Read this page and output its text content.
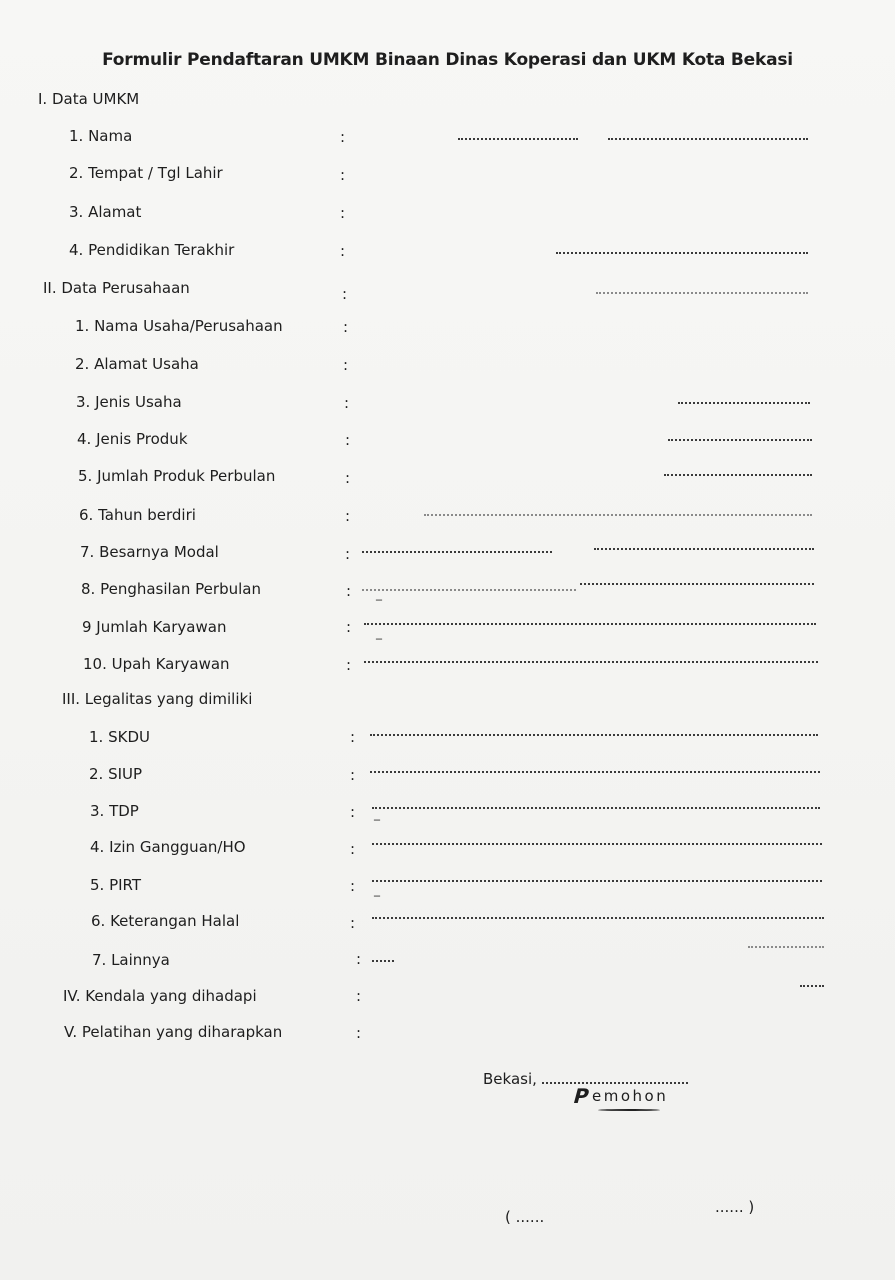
Formulir Pendaftaran UMKM Binaan Dinas Koperasi dan UKM Kota Bekasi
I. Data UMKM
1. Nama	:
2. Tempat / Tgl Lahir	:
3. Alamat	:
4. Pendidikan Terakhir	:
II. Data Perusahaan	:
1. Nama Usaha/Perusahaan	:
2. Alamat Usaha	:
3. Jenis Usaha	:
4. Jenis Produk	:
5. Jumlah Produk Perbulan	:
6. Tahun berdiri	:
7. Besarnya Modal	:
8. Penghasilan Perbulan	:
9 Jumlah Karyawan	:
‾
10. Upah Karyawan	:
‾
III. Legalitas yang dimiliki
1. SKDU	:
2. SIUP	:
3. TDP	:
4. Izin Gangguan/HO	:
‾
5. PIRT	:
6. Keterangan Halal	:
‾
7. Lainnya	:
IV. Kendala yang dihadapi	:
V. Pelatihan yang diharapkan	:
Bekasi,
P emohon
( ......
...... )
